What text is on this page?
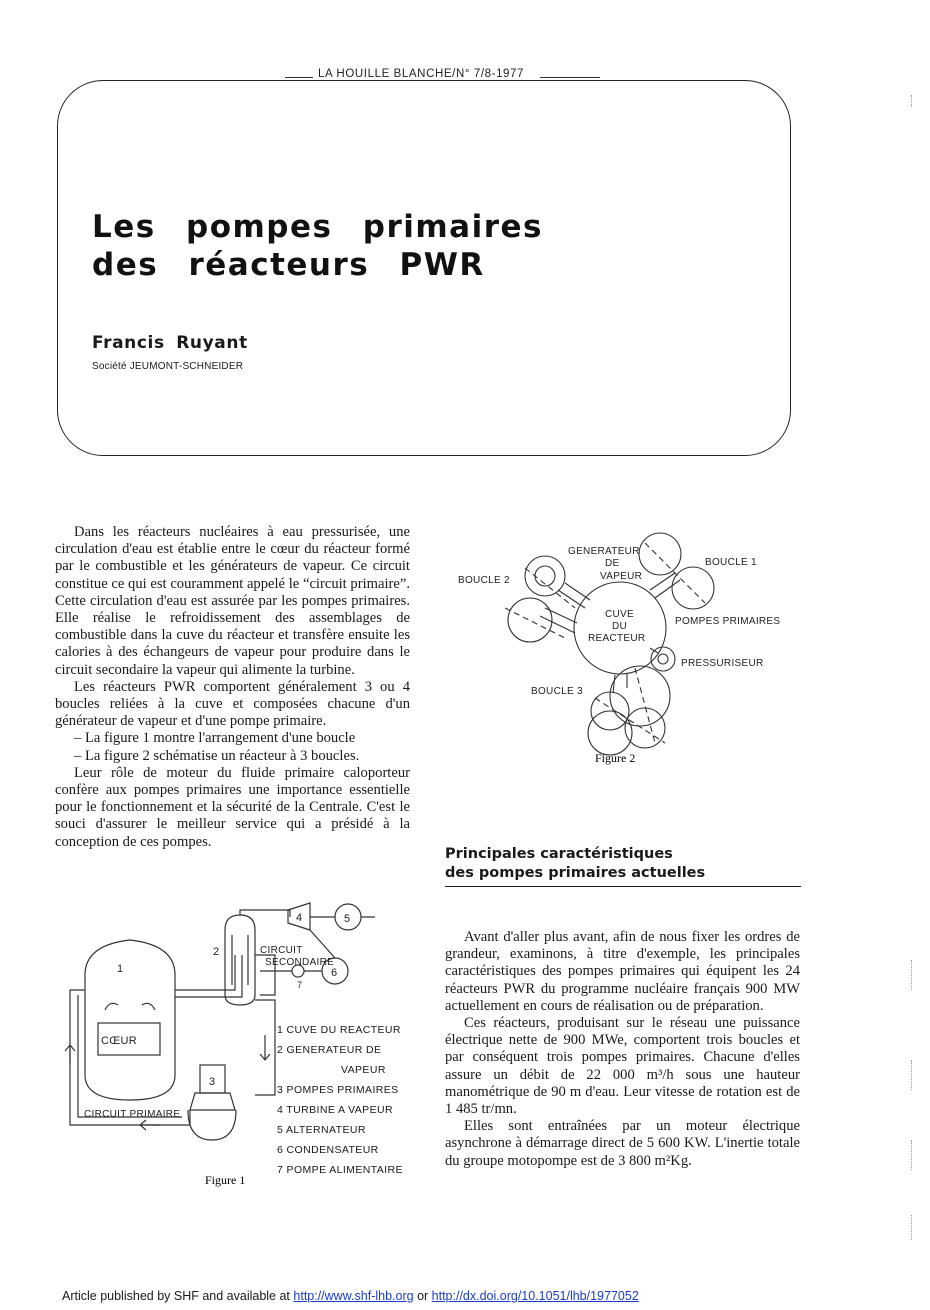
LA HOUILLE BLANCHE/N° 7/8-1977
Les pompes primaires
des réacteurs PWR
Francis Ruyant
Société JEUMONT-SCHNEIDER

Dans les réacteurs nucléaires à eau pressurisée, une circulation d'eau est établie entre le cœur du réacteur formé par le combustible et les générateurs de vapeur. Ce circuit constitue ce qui est couramment appelé le “circuit primaire”. Cette circulation d'eau est assurée par les pompes primaires. Elle réalise le refroidissement des assemblages de combustible dans la cuve du réacteur et transfère ensuite les calories à des échangeurs de vapeur pour produire dans le circuit secondaire la vapeur qui alimente la turbine.

Les réacteurs PWR comportent généralement 3 ou 4 boucles reliées à la cuve et composées chacune d'un générateur de vapeur et d'une pompe primaire.

– La figure 1 montre l'arrangement d'une boucle

– La figure 2 schématise un réacteur à 3 boucles.

Leur rôle de moteur du fluide primaire caloporteur confère aux pompes primaires une importance essentielle pour le fonctionnement et la sécurité de la Centrale. C'est le souci d'assurer le meilleur service qui a présidé à la conception de ces pompes.

GENERATEUR
DE
VAPEUR
BOUCLE 1
BOUCLE 2
BOUCLE 3
CUVE
DU
REACTEUR
POMPES PRIMAIRES
PRESSURISEUR
Figure 2
Principales caractéristiques
des pompes primaires actuelles

Avant d'aller plus avant, afin de nous fixer les ordres de grandeur, examinons, à titre d'exemple, les principales caractéristiques des pompes primaires qui équipent les 24 réacteurs PWR du programme nucléaire français 900 MW actuellement en cours de réalisation ou de préparation.

Ces réacteurs, produisant sur le réseau une puissance électrique nette de 900 MWe, comportent trois boucles et par conséquent trois pompes primaires. Chacune d'elles assure un débit de 22 000 m³/h sous une hauteur manométrique de 90 m d'eau. Leur vitesse de rotation est de 1 485 tr/mn.

Elles sont entraînées par un moteur électrique asynchrone à démarrage direct de 5 600 KW. L'inertie totale du groupe motopompe est de 3 800 m²Kg.

1
2
3
4	5
6
7
CŒUR
CIRCUIT PRIMAIRE
CIRCUIT
SECONDAIRE
Figure 1
1 CUVE DU REACTEUR
2 GENERATEUR DE
VAPEUR
3 POMPES PRIMAIRES
4 TURBINE A VAPEUR
5 ALTERNATEUR
6 CONDENSATEUR
7 POMPE ALIMENTAIRE
Article published by SHF and available at http://www.shf-lhb.org or http://dx.doi.org/10.1051/lhb/1977052
